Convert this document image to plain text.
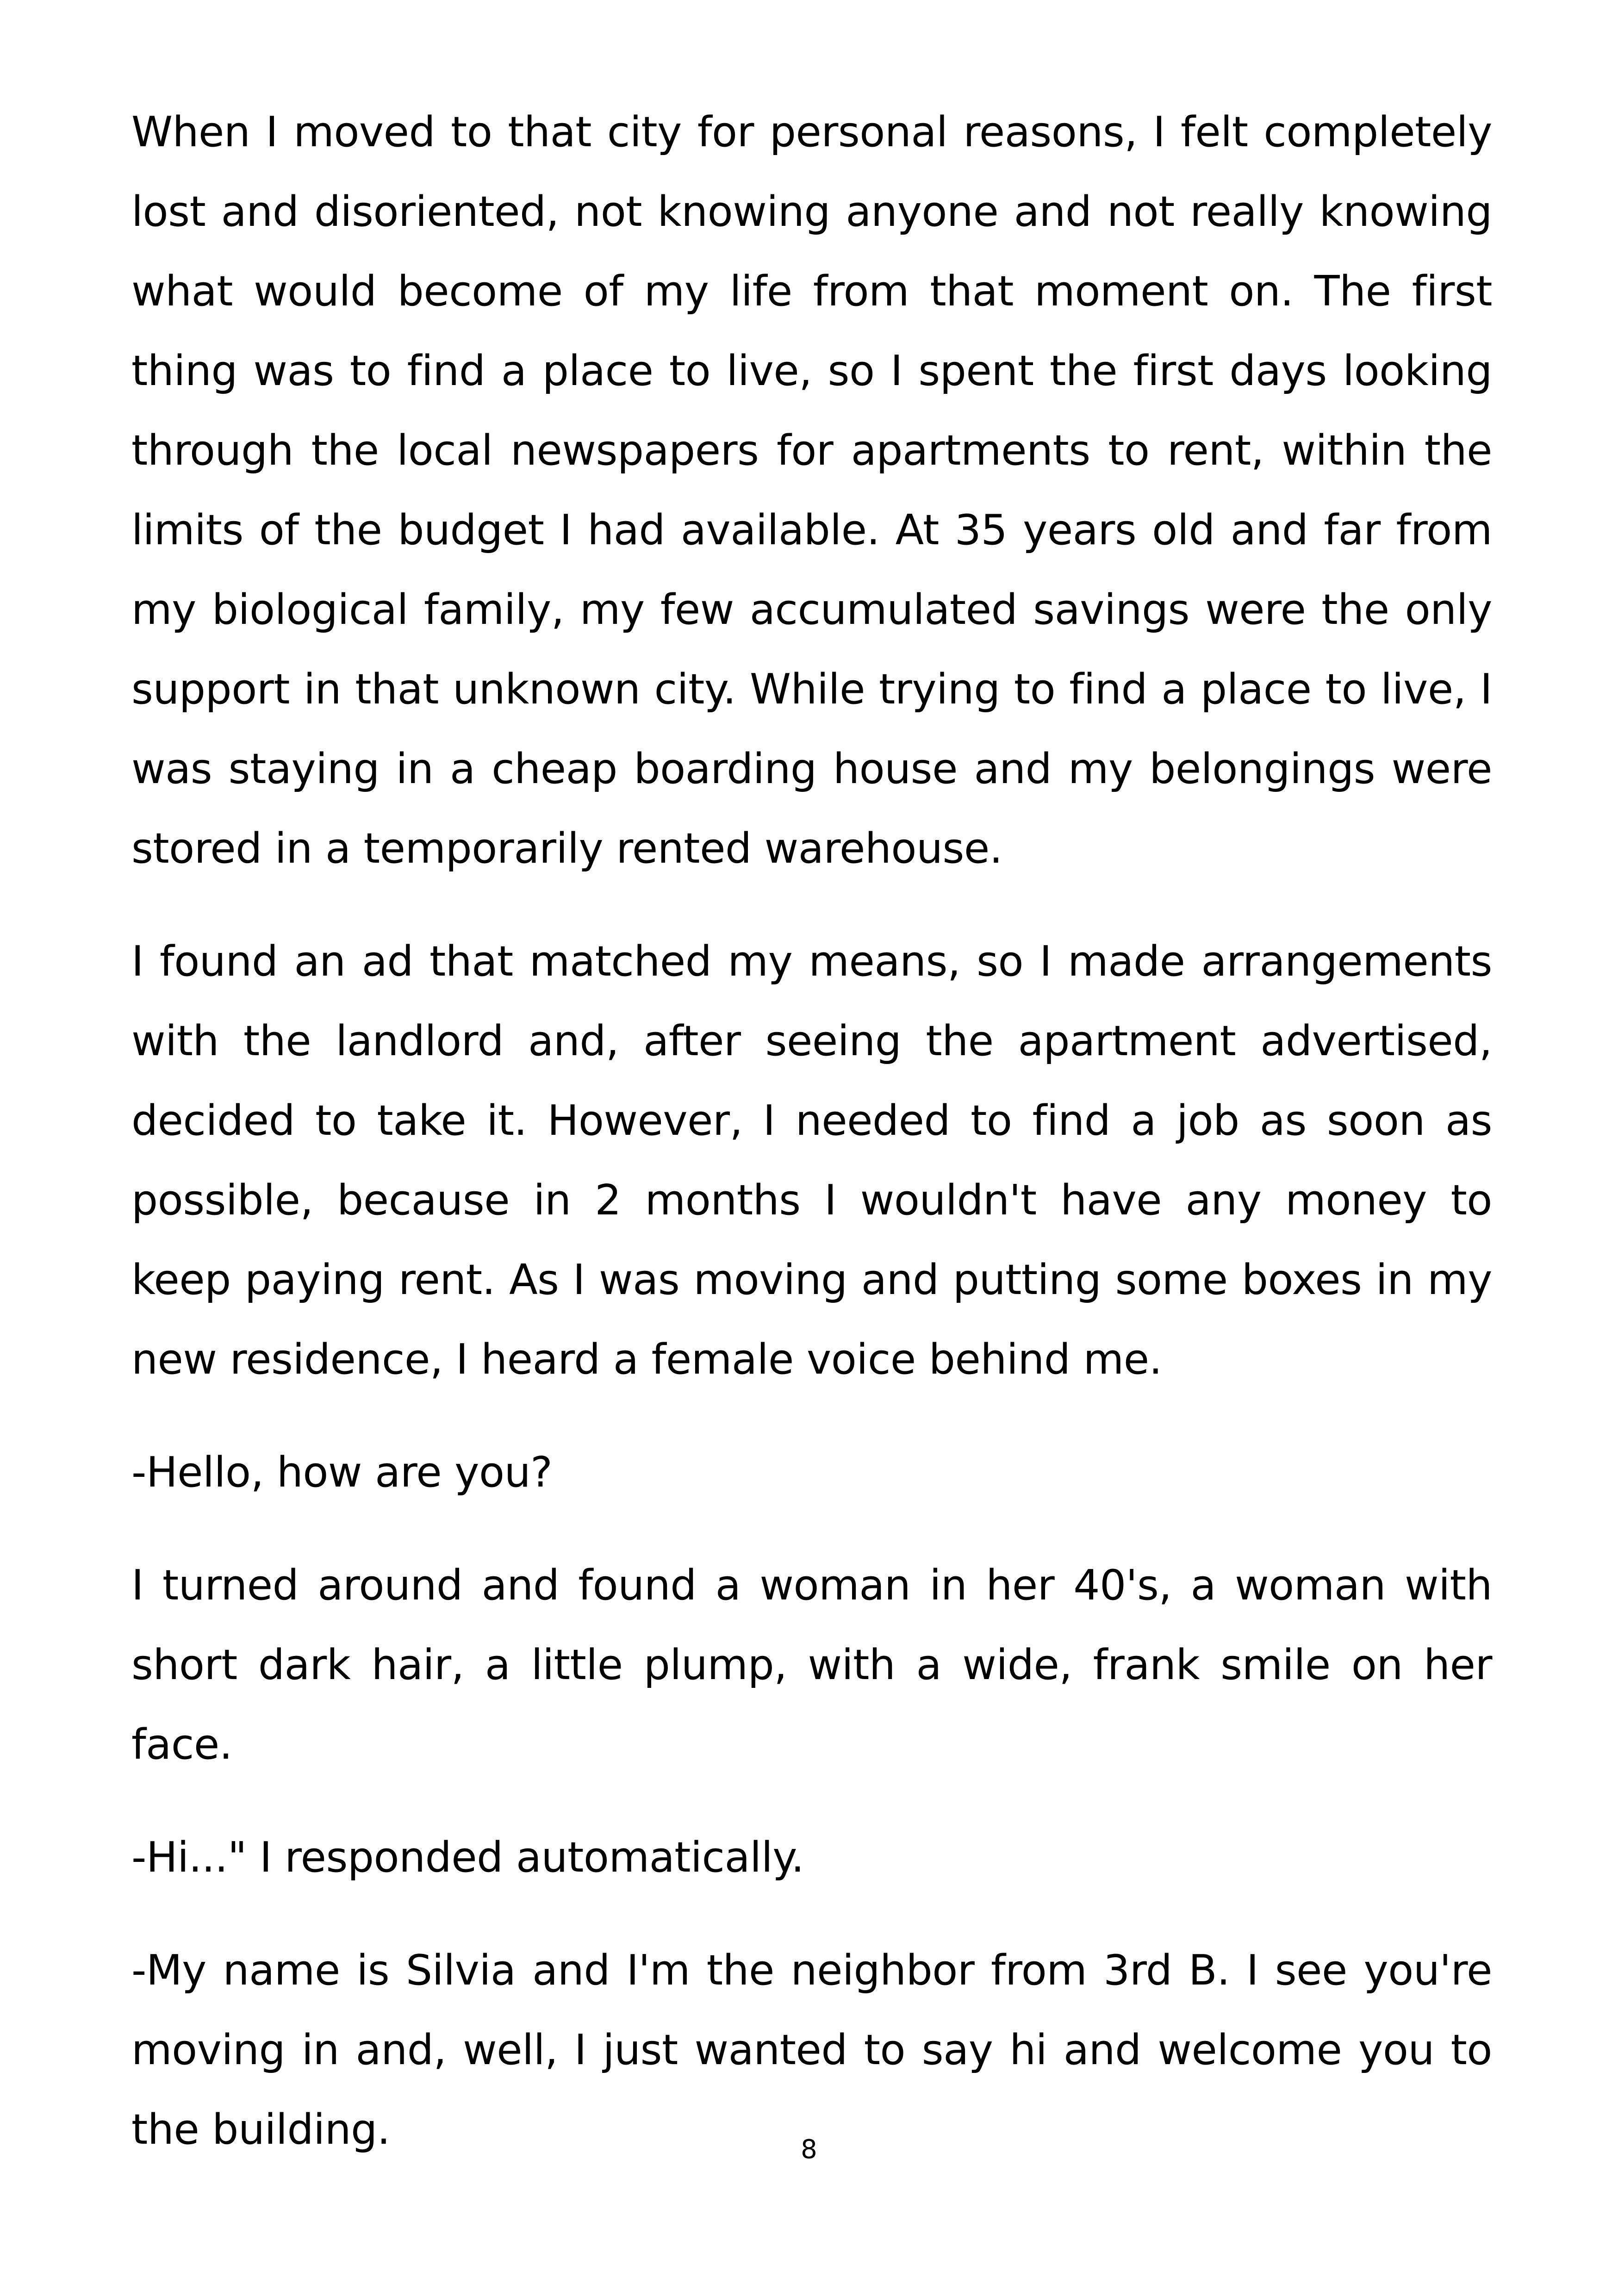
When I moved to that city for personal reasons, I felt completely lost and disoriented, not knowing anyone and not really knowing what would become of my life from that moment on. The first thing was to find a place to live, so I spent the first days looking through the local newspapers for apartments to rent, within the limits of the budget I had available. At 35 years old and far from my biological family, my few accumulated savings were the only support in that unknown city. While trying to find a place to live, I was staying in a cheap boarding house and my belongings were stored in a temporarily rented warehouse.

I found an ad that matched my means, so I made arrangements with the landlord and, after seeing the apartment advertised, decided to take it. However, I needed to find a job as soon as possible, because in 2 months I wouldn't have any money to keep paying rent. As I was moving and putting some boxes in my new residence, I heard a female voice behind me.

-Hello, how are you?

I turned around and found a woman in her 40's, a woman with short dark hair, a little plump, with a wide, frank smile on her face.

-Hi..." I responded automatically.

-My name is Silvia and I'm the neighbor from 3rd B. I see you're moving in and, well, I just wanted to say hi and welcome you to the building.	8
